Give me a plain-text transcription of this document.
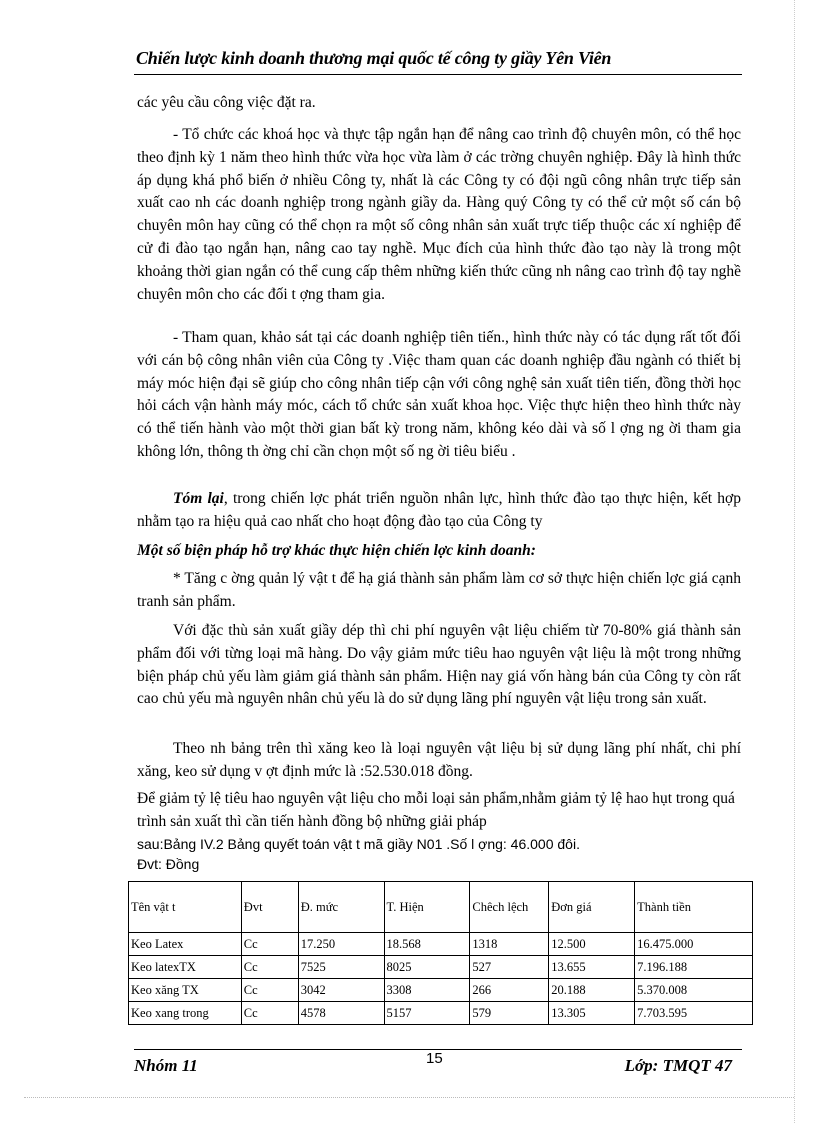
Chiến lược kinh doanh thương mại quốc tế công ty giầy Yên Viên

các yêu cầu công việc đặt ra.

- Tổ chức các khoá học và thực tập ngắn hạn để nâng cao trình độ chuyên môn, có thể học theo định kỳ 1 năm theo hình thức vừa học vừa làm ở các trờng chuyên nghiệp. Đây là hình thức áp dụng khá phổ biến ở nhiều Công ty, nhất là các Công ty có đội ngũ công nhân trực tiếp sản xuất cao nh các doanh nghiệp trong ngành giầy da. Hàng quý Công ty có thể cử một số cán bộ chuyên môn hay cũng có thể chọn ra một số công nhân sản xuất trực tiếp thuộc các xí nghiệp để cử đi đào tạo ngắn hạn, nâng cao tay nghề. Mục đích của hình thức đào tạo này là trong một khoảng thời gian ngắn có thể cung cấp thêm những kiến thức cũng nh nâng cao trình độ tay nghề chuyên môn cho các đối t ợng tham gia.

- Tham quan, khảo sát tại các doanh nghiệp tiên tiến., hình thức này có tác dụng rất tốt đối với cán bộ công nhân viên của Công ty .Việc tham quan các doanh nghiệp đầu ngành có thiết bị máy móc hiện đại sẽ giúp cho công nhân tiếp cận với công nghệ sản xuất tiên tiến, đồng thời học hỏi cách vận hành máy móc, cách tổ chức sản xuất khoa học. Việc thực hiện theo hình thức này có thể tiến hành vào một thời gian bất kỳ trong năm, không kéo dài và số l ợng ng ời tham gia không lớn, thông th ờng chỉ cần chọn một số ng ời tiêu biểu .

Tóm lại, trong chiến lợc phát triển nguồn nhân lực, hình thức đào tạo thực hiện, kết hợp nhằm tạo ra hiệu quả cao nhất cho hoạt động đào tạo của Công ty

Một số biện pháp hỗ trợ khác thực hiện chiến lợc kinh doanh:

* Tăng c ờng quản lý vật t để hạ giá thành sản phẩm làm cơ sở thực hiện chiến lợc giá cạnh tranh sản phẩm.

Với đặc thù sản xuất giầy dép thì chi phí nguyên vật liệu chiếm từ 70-80% giá thành sản phẩm đối với từng loại mã hàng. Do vậy giảm mức tiêu hao nguyên vật liệu là một trong những biện pháp chủ yếu làm giảm giá thành sản phẩm. Hiện nay giá vốn hàng bán của Công ty còn rất cao chủ yếu mà nguyên nhân chủ yếu là do sử dụng lãng phí nguyên vật liệu trong sản xuất.

Theo nh bảng trên thì xăng keo là loại nguyên vật liệu bị sử dụng lãng phí nhất, chi phí xăng, keo sử dụng v ợt định mức là :52.530.018 đồng.

Để giảm tỷ lệ tiêu hao nguyên vật liệu cho mỗi loại sản phẩm,nhằm giảm tỷ lệ hao hụt trong quá trình sản xuất thì cần tiến hành đồng bộ những giải pháp

sau:Bảng IV.2 Bảng quyết toán vật t mã giầy N01 .Số l ợng: 46.000 đôi.

Đvt: Đồng

Tên vật t	Đvt	Đ. mức	T. Hiện	Chêch lệch	Đơn giá	Thành tiền
Keo Latex	Cc	17.250	18.568	1318	12.500	16.475.000
Keo latexTX	Cc	7525	8025	527	13.655	7.196.188
Keo xăng TX	Cc	3042	3308	266	20.188	5.370.008
Keo xang trong	Cc	4578	5157	579	13.305	7.703.595
Nhóm 11	15	Lớp: TMQT 47
